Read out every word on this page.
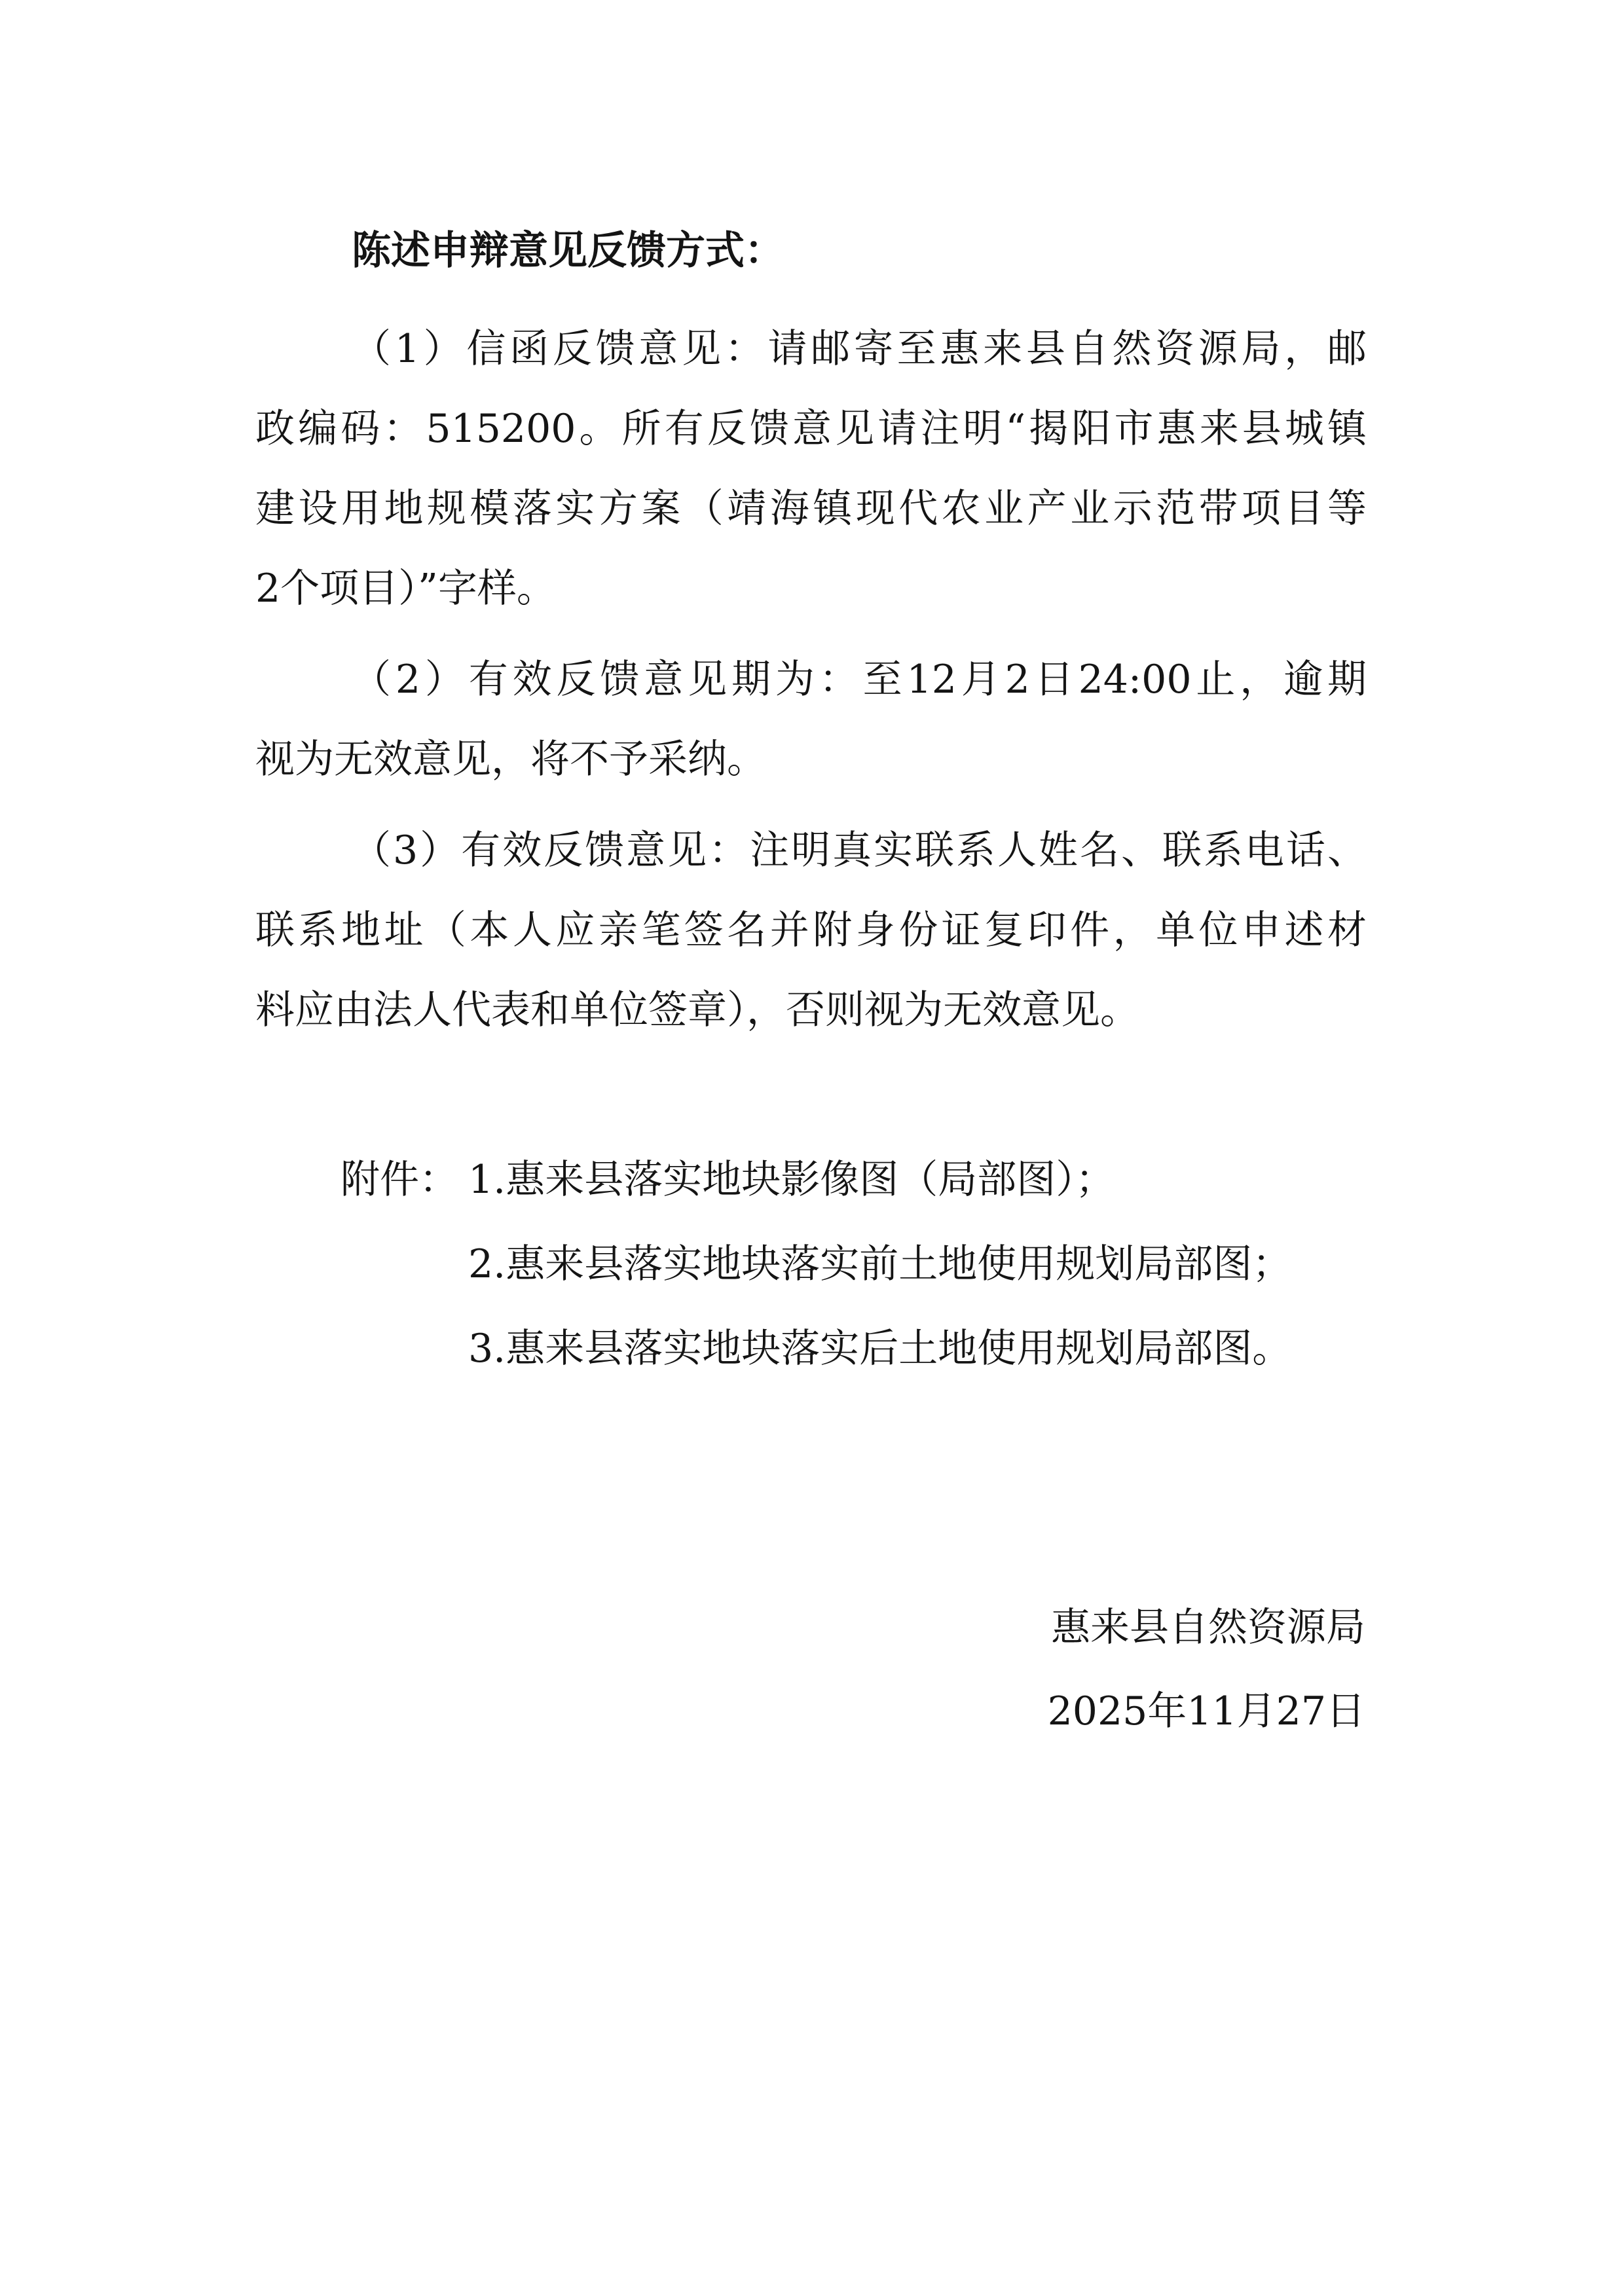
陈述申辩意见反馈方式：
（1）信函反馈意见：请邮寄至惠来县自然资源局，邮
政编码：515200。所有反馈意见请注明“揭阳市惠来县城镇
建设用地规模落实方案（靖海镇现代农业产业示范带项目等
2个项目）”字样。
（2）有效反馈意见期为：至12月2日24:00止，逾期
视为无效意见，将不予采纳。
（3）有效反馈意见：注明真实联系人姓名、联系电话、
联系地址（本人应亲笔签名并附身份证复印件，单位申述材
料应由法人代表和单位签章），否则视为无效意见。
附件： 1.惠来县落实地块影像图（局部图）；
2.惠来县落实地块落实前土地使用规划局部图；
3.惠来县落实地块落实后土地使用规划局部图。
惠来县自然资源局
2025年11月27日
